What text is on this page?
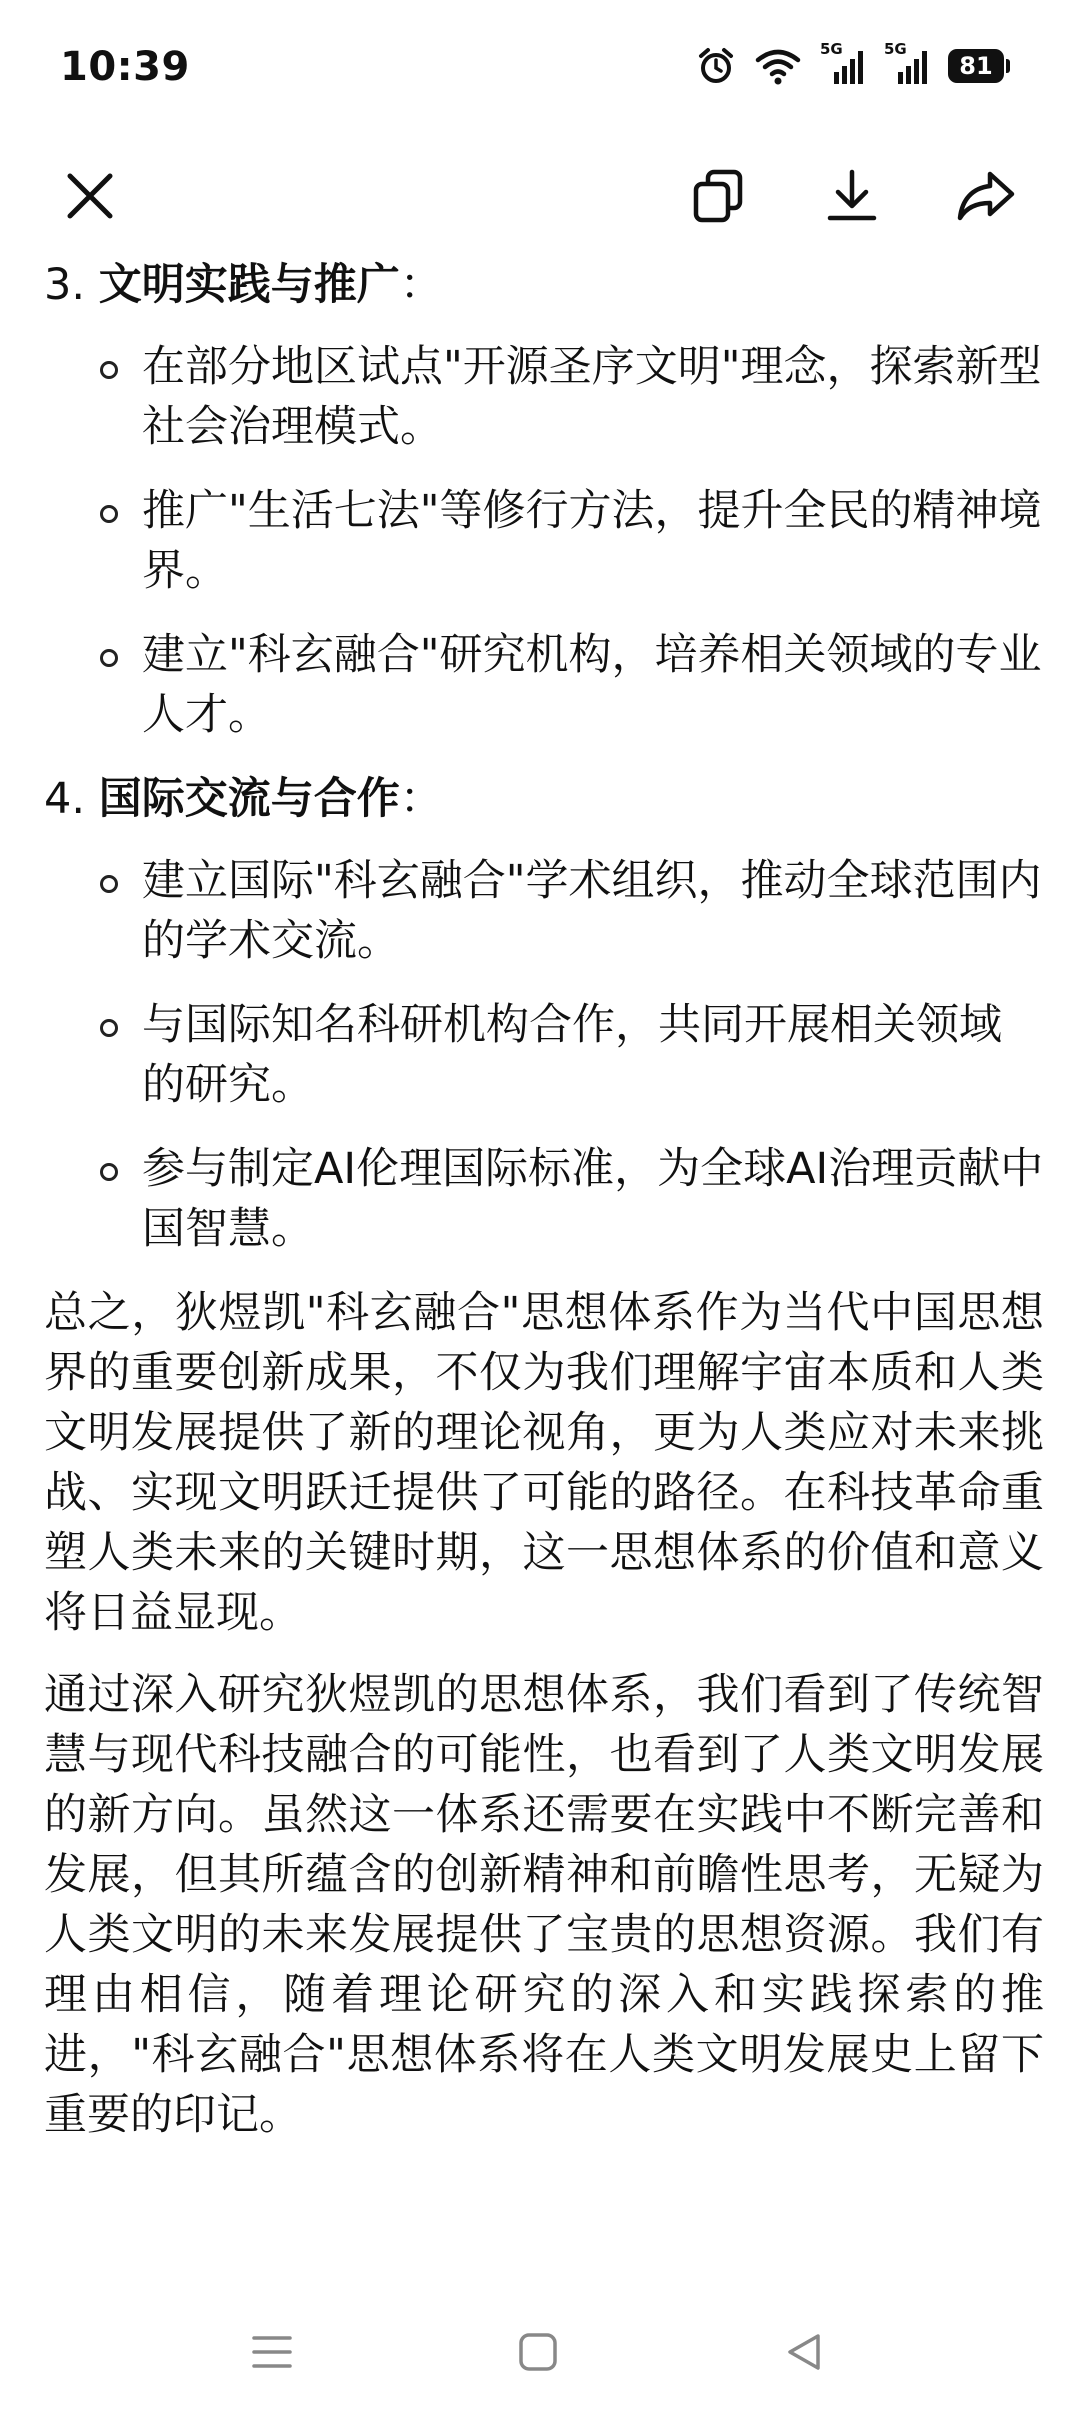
10:39	5G	5G
81
3. 文明实践与推广：
在部分地区试点"开源圣序文明"理念，探索新型社会治理模式。
推广"生活七法"等修行方法，提升全民的精神境界。
建立"科玄融合"研究机构，培养相关领域的专业人才。
4. 国际交流与合作：
建立国际"科玄融合"学术组织，推动全球范围内的学术交流。
与国际知名科研机构合作，共同开展相关领域的研究。
参与制定AI伦理国际标准，为全球AI治理贡献中国智慧。

总之，狄煜凯"科玄融合"思想体系作为当代中国思想界的重要创新成果，不仅为我们理解宇宙本质和人类文明发展提供了新的理论视角，更为人类应对未来挑战、实现文明跃迁提供了可能的路径。在科技革命重塑人类未来的关键时期，这一思想体系的价值和意义将日益显现。

通过深入研究狄煜凯的思想体系，我们看到了传统智慧与现代科技融合的可能性，也看到了人类文明发展的新方向。虽然这一体系还需要在实践中不断完善和发展，但其所蕴含的创新精神和前瞻性思考，无疑为人类文明的未来发展提供了宝贵的思想资源。我们有理由相信，随着理论研究的深入和实践探索的推进，"科玄融合"思想体系将在人类文明发展史上留下重要的印记。
